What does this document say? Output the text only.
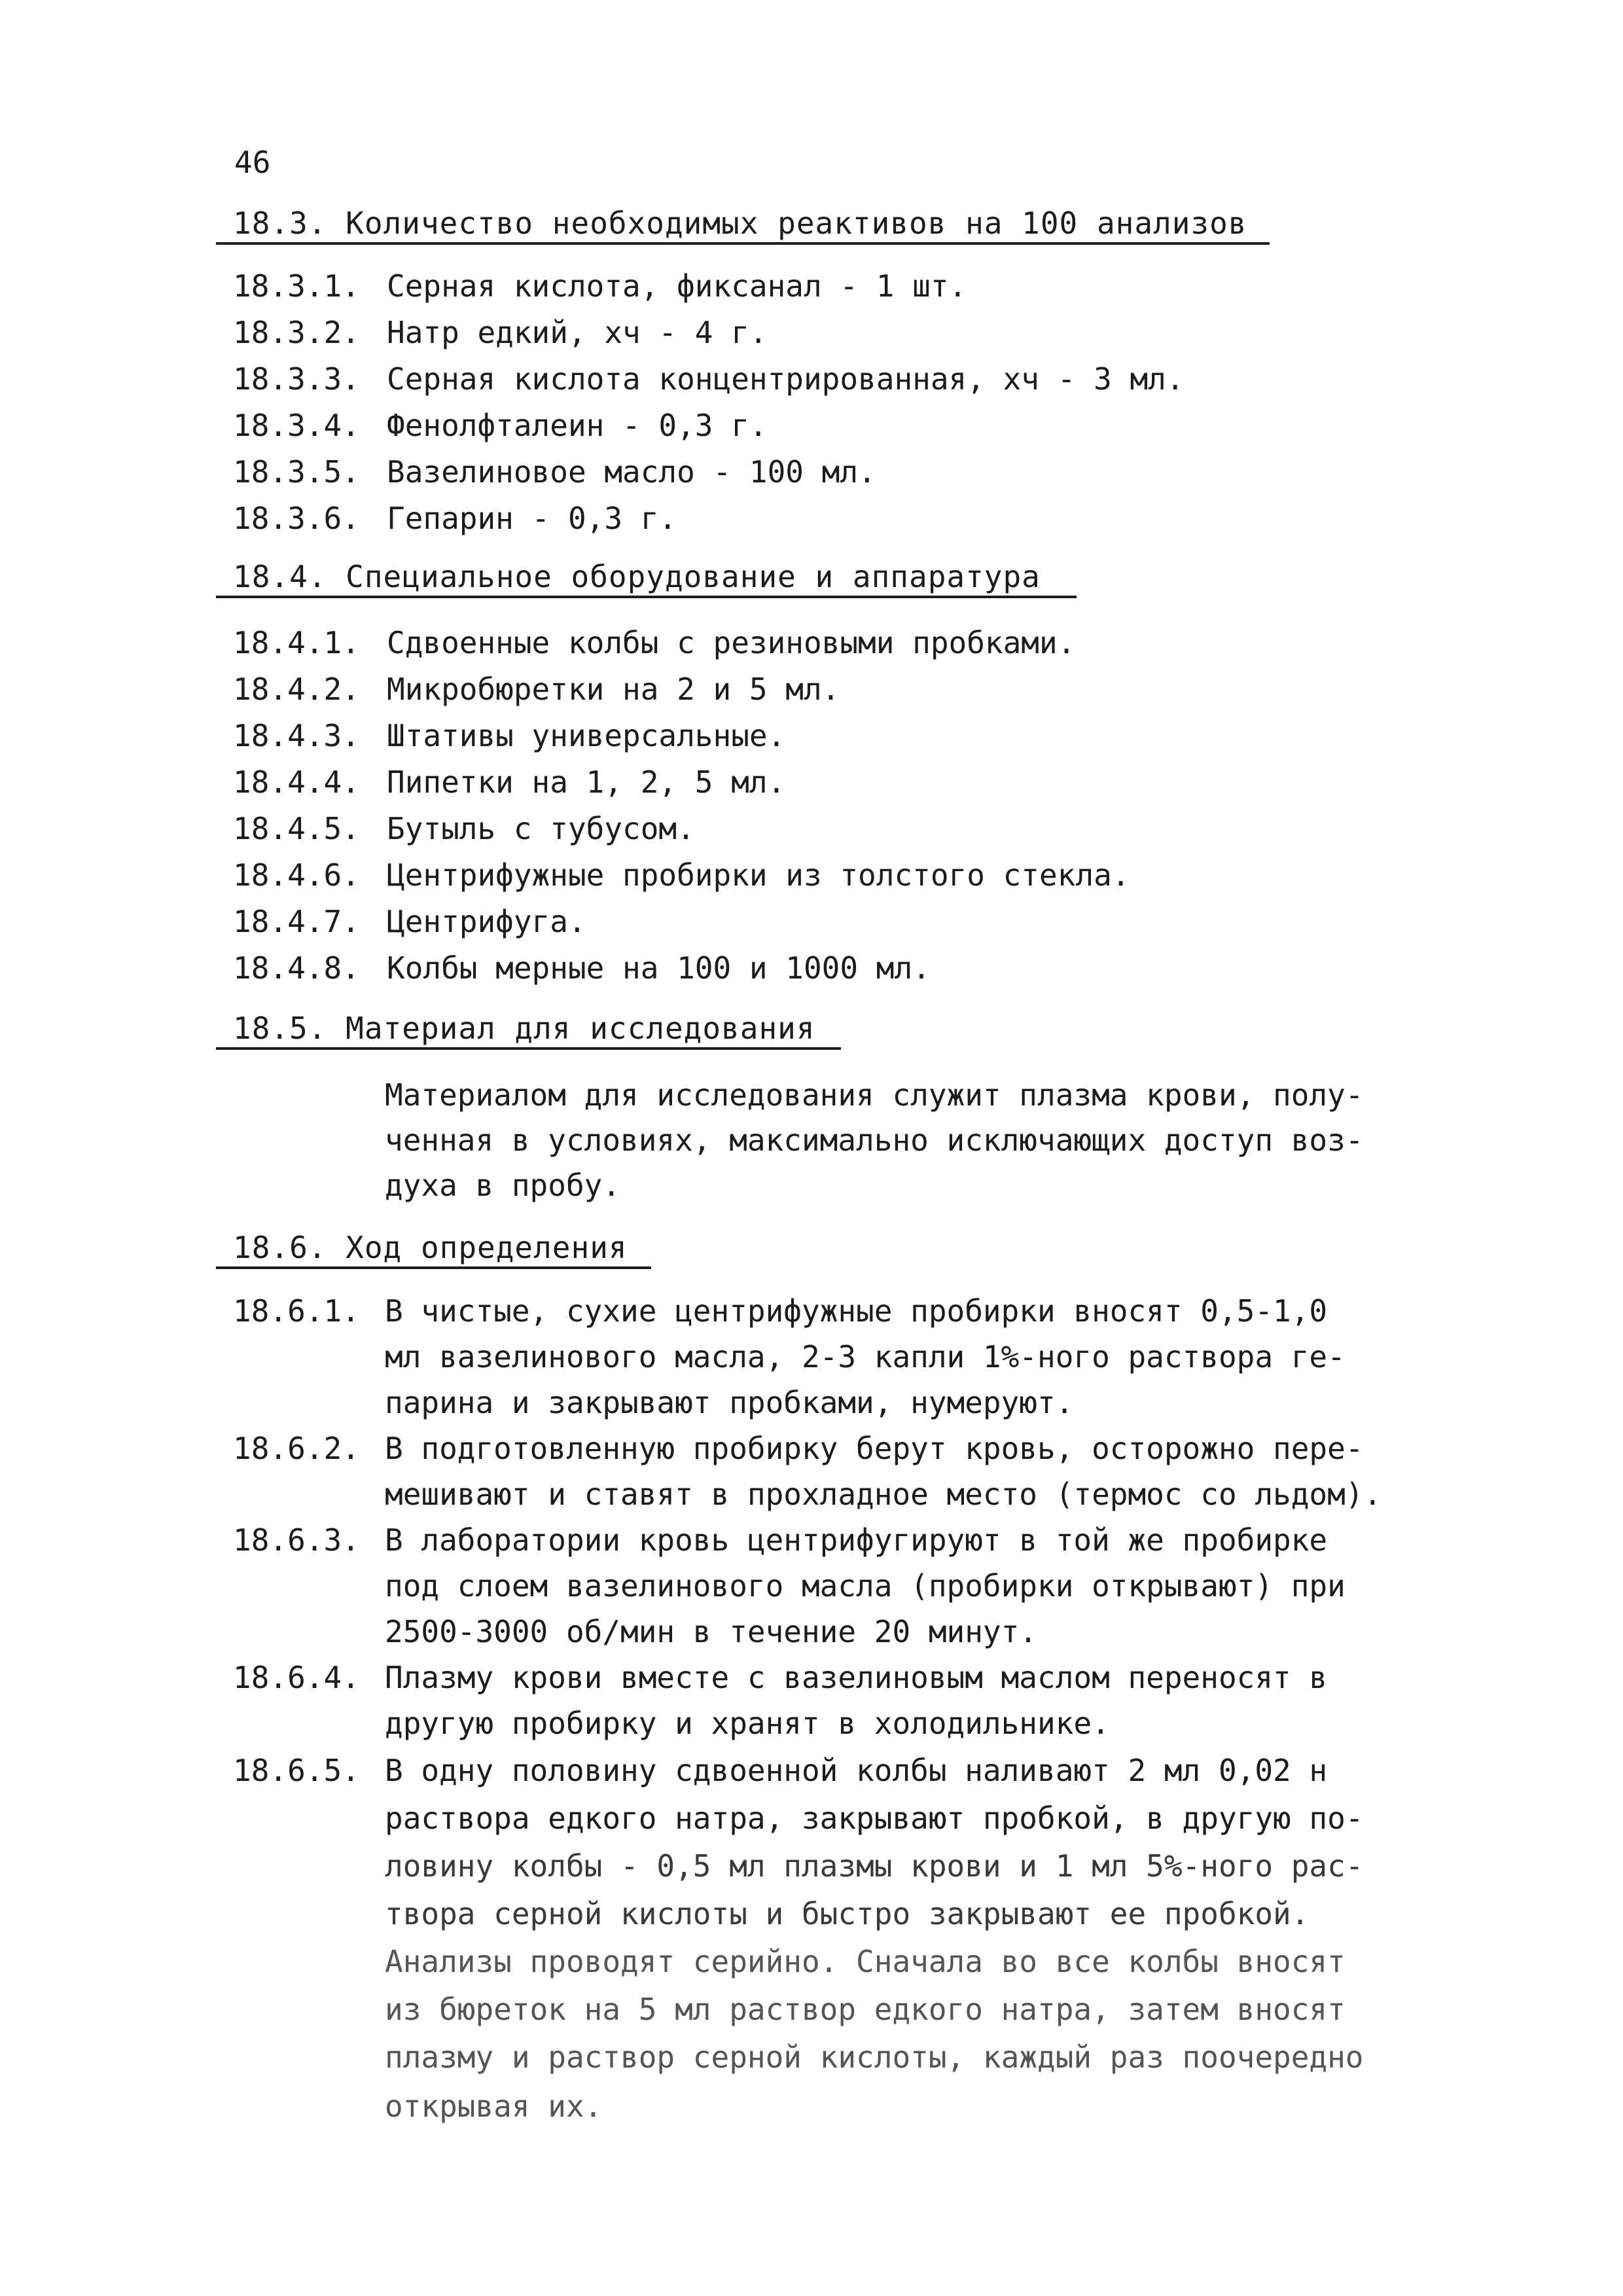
46
18.3. Количество необходимых реактивов на 100 анализов
18.3.1. Серная кислота, фиксанал - 1 шт.
18.3.2. Натр едкий, хч - 4 г.
18.3.3. Серная кислота концентрированная, хч - 3 мл.
18.3.4. Фенолфталеин - 0,3 г.
18.3.5. Вазелиновое масло - 100 мл.
18.3.6. Гепарин - 0,3 г.
18.4. Специальное оборудование и аппаратура
18.4.1. Сдвоенные колбы с резиновыми пробками.
18.4.2. Микробюретки на 2 и 5 мл.
18.4.3. Штативы универсальные.
18.4.4. Пипетки на 1, 2, 5 мл.
18.4.5. Бутыль с тубусом.
18.4.6. Центрифужные пробирки из толстого стекла.
18.4.7. Центрифуга.
18.4.8. Колбы мерные на 100 и 1000 мл.
18.5. Материал для исследования
Материалом для исследования служит плазма крови, полу-
ченная в условиях, максимально исключающих доступ воз-
духа в пробу.
18.6. Ход определения
18.6.1. В чистые, сухие центрифужные пробирки вносят 0,5-1,0
мл вазелинового масла, 2-3 капли 1%-ного раствора ге-
парина и закрывают пробками, нумеруют.
18.6.2. В подготовленную пробирку берут кровь, осторожно пере-
мешивают и ставят в прохладное место (термос со льдом).
18.6.3. В лаборатории кровь центрифугируют в той же пробирке
под слоем вазелинового масла (пробирки открывают) при
2500-3000 об/мин в течение 20 минут.
18.6.4. Плазму крови вместе с вазелиновым маслом переносят в
другую пробирку и хранят в холодильнике.
18.6.5. В одну половину сдвоенной колбы наливают 2 мл 0,02 н
раствора едкого натра, закрывают пробкой, в другую по-
ловину колбы - 0,5 мл плазмы крови и 1 мл 5%-ного рас-
твора серной кислоты и быстро закрывают ее пробкой.
Анализы проводят серийно. Сначала во все колбы вносят
из бюреток на 5 мл раствор едкого натра, затем вносят
плазму и раствор серной кислоты, каждый раз поочередно
открывая их.
